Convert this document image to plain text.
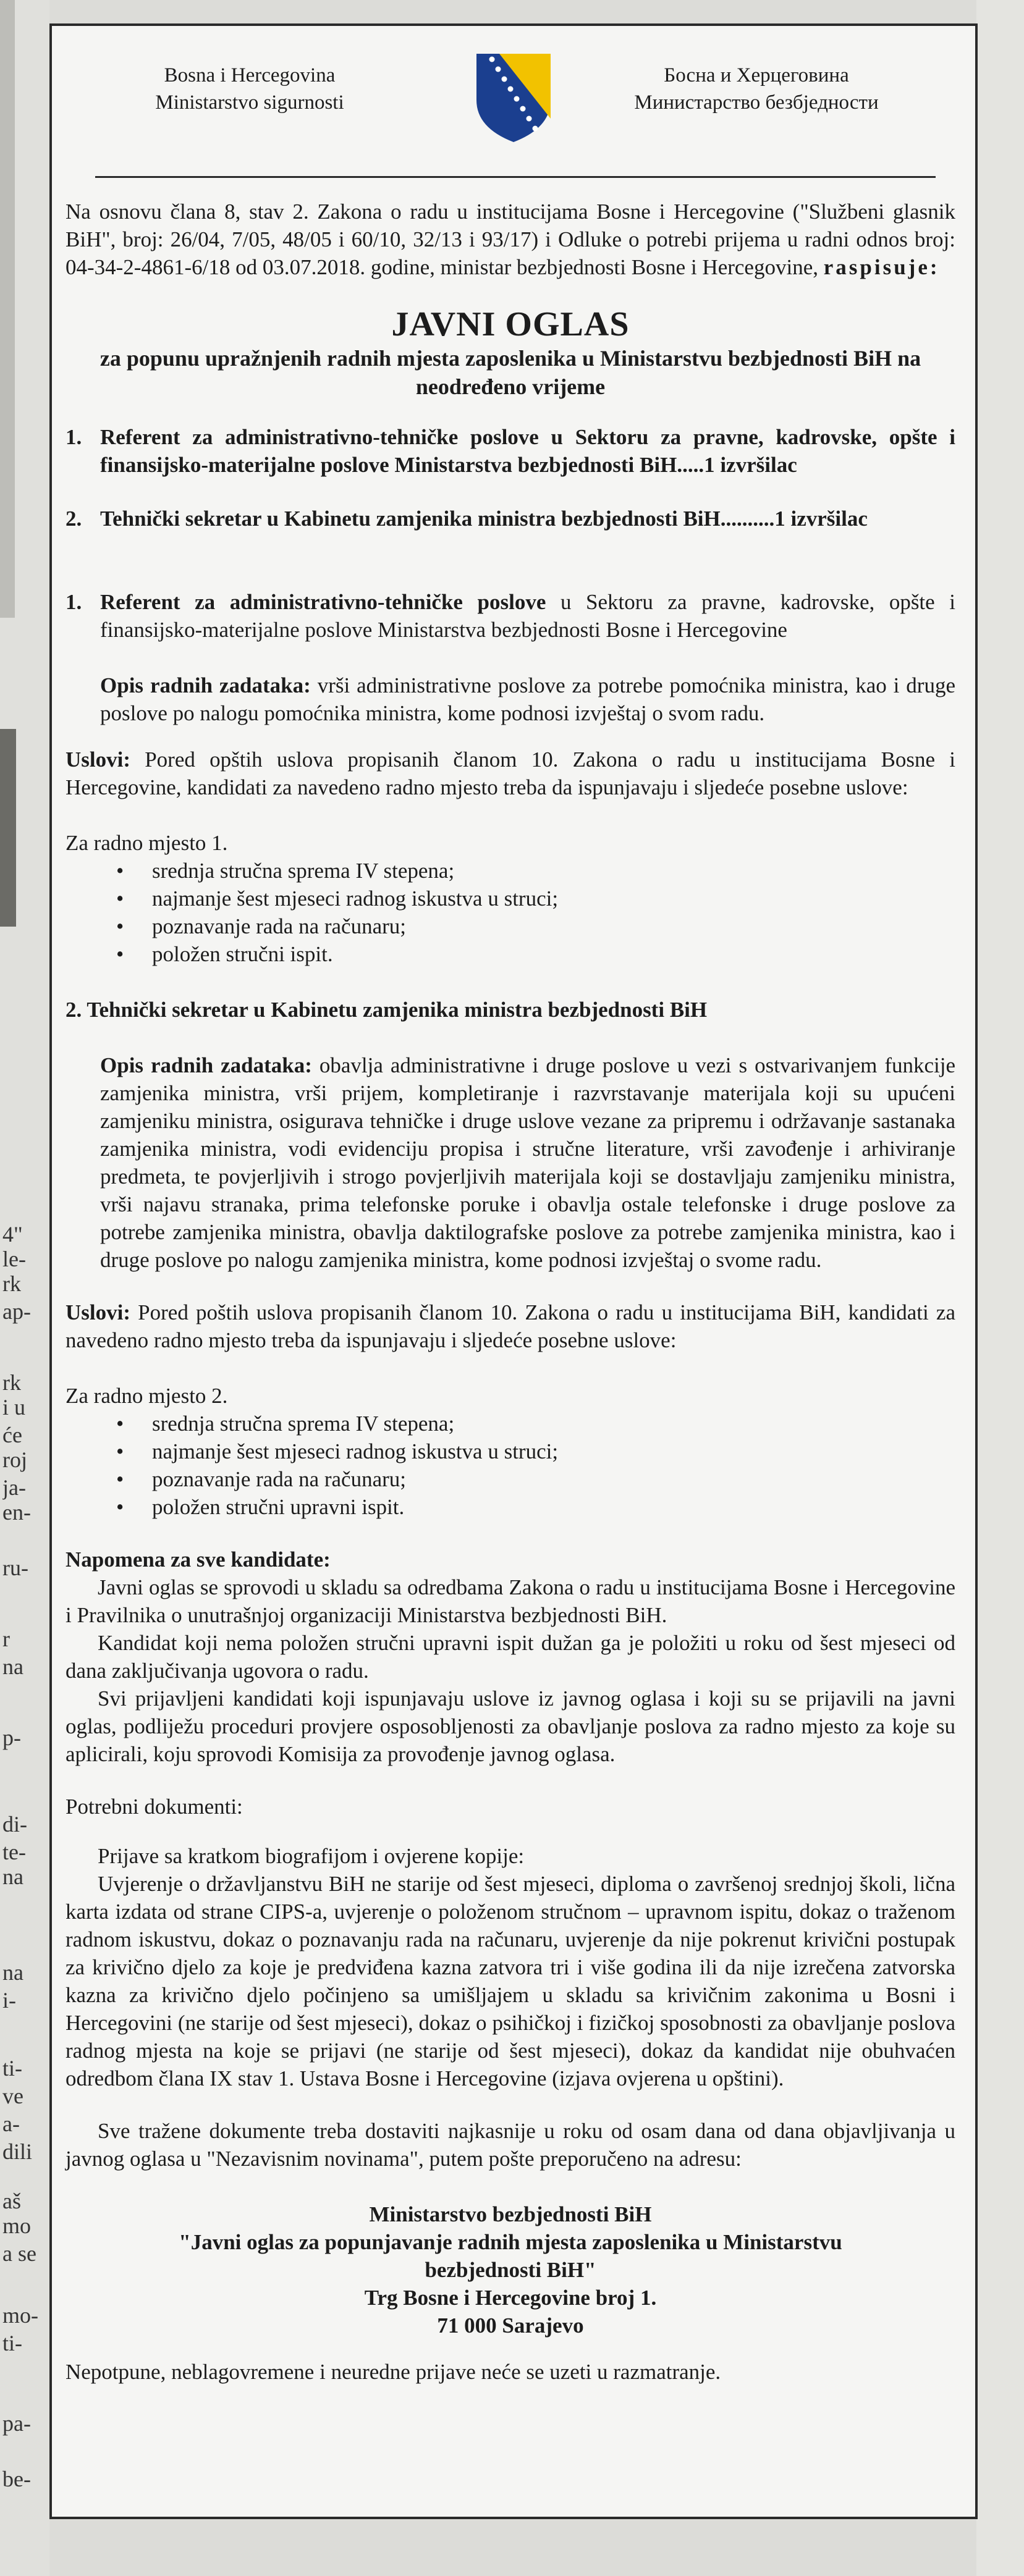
4"
le-
rk
ap-
rk
i u
će
roj
ja-
en-
ru-
r
na
p-
di-
te-
na
na
i-
ti-
ve
a-
dili
aš
mo
a se
mo-
ti-
pa-
be-
Bosna i Hercegovina
Ministarstvo sigurnosti
Босна и Херцеговина
Министарство безбједности

Na osnovu člana 8, stav 2. Zakona o radu u institucijama Bosne i Hercegovine ("Službeni glasnik BiH", broj: 26/04, 7/05, 48/05 i 60/10, 32/13 i 93/17) i Odluke o potrebi prijema u radni odnos broj: 04-34-2-4861-6/18 od 03.07.2018. godine, ministar bezbjednosti Bosne i Hercegovine, raspisuje:

JAVNI OGLAS
za popunu upražnjenih radnih mjesta zaposlenika u Ministarstvu bezbjednosti BiH na neodređeno vrijeme
1. Referent za administrativno-tehničke poslove u Sektoru za pravne, kadrovske, opšte i finansijsko-materijalne poslove Ministarstva bezbjednosti BiH.....1 izvršilac
2. Tehnički sekretar u Kabinetu zamjenika ministra bezbjednosti BiH..........1 izvršilac
1. Referent za administrativno-tehničke poslove u Sektoru za pravne, kadrovske, opšte i finansijsko-materijalne poslove Ministarstva bezbjednosti Bosne i Hercegovine

Opis radnih zadataka: vrši administrativne poslove za potrebe pomoćnika ministra, kao i druge poslove po nalogu pomoćnika ministra, kome podnosi izvještaj o svom radu.

Uslovi: Pored opštih uslova propisanih članom 10. Zakona o radu u institucijama Bosne i Hercegovine, kandidati za navedeno radno mjesto treba da ispunjavaju i sljedeće posebne uslove:

Za radno mjesto 1.
• srednja stručna sprema IV stepena;
• najmanje šest mjeseci radnog iskustva u struci;
• poznavanje rada na računaru;
• položen stručni ispit.
2. Tehnički sekretar u Kabinetu zamjenika ministra bezbjednosti BiH

Opis radnih zadataka: obavlja administrativne i druge poslove u vezi s ostvarivanjem funkcije zamjenika ministra, vrši prijem, kompletiranje i razvrstavanje materijala koji su upućeni zamjeniku ministra, osigurava tehničke i druge uslove vezane za pripremu i održavanje sastanaka zamjenika ministra, vodi evidenciju propisa i stručne literature, vrši zavođenje i arhiviranje predmeta, te povjerljivih i strogo povjerljivih materijala koji se dostavljaju zamjeniku ministra, vrši najavu stranaka, prima telefonske poruke i obavlja ostale telefonske i druge poslove za potrebe zamjenika ministra, obavlja daktilografske poslove za potrebe zamjenika ministra, kao i druge poslove po nalogu zamjenika ministra, kome podnosi izvještaj o svome radu.

Uslovi: Pored poštih uslova propisanih članom 10. Zakona o radu u institucijama BiH, kandidati za navedeno radno mjesto treba da ispunjavaju i sljedeće posebne uslove:

Za radno mjesto 2.
• srednja stručna sprema IV stepena;
• najmanje šest mjeseci radnog iskustva u struci;
• poznavanje rada na računaru;
• položen stručni upravni ispit.
Napomena za sve kandidate:

Javni oglas se sprovodi u skladu sa odredbama Zakona o radu u institucijama Bosne i Hercegovine i Pravilnika o unutrašnjoj organizaciji Ministarstva bezbjednosti BiH.

Kandidat koji nema položen stručni upravni ispit dužan ga je položiti u roku od šest mjeseci od dana zaključivanja ugovora o radu.

Svi prijavljeni kandidati koji ispunjavaju uslove iz javnog oglasa i koji su se prijavili na javni oglas, podliježu proceduri provjere osposobljenosti za obavljanje poslova za radno mjesto za koje su aplicirali, koju sprovodi Komisija za provođenje javnog oglasa.

Potrebni dokumenti:

Prijave sa kratkom biografijom i ovjerene kopije:

Uvjerenje o državljanstvu BiH ne starije od šest mjeseci, diploma o završenoj srednjoj školi, lična karta izdata od strane CIPS-a, uvjerenje o položenom stručnom – upravnom ispitu, dokaz o traženom radnom iskustvu, dokaz o poznavanju rada na računaru, uvjerenje da nije pokrenut krivični postupak za krivično djelo za koje je predviđena kazna zatvora tri i više godina ili da nije izrečena zatvorska kazna za krivično djelo počinjeno sa umišljajem u skladu sa krivičnim zakonima u Bosni i Hercegovini (ne starije od šest mjeseci), dokaz o psihičkoj i fizičkoj sposobnosti za obavljanje poslova radnog mjesta na koje se prijavi (ne starije od šest mjeseci), dokaz da kandidat nije obuhvaćen odredbom člana IX stav 1. Ustava Bosne i Hercegovine (izjava ovjerena u opštini).

Sve tražene dokumente treba dostaviti najkasnije u roku od osam dana od dana objavljivanja u javnog oglasa u "Nezavisnim novinama", putem pošte preporučeno na adresu:

Ministarstvo bezbjednosti BiH
"Javni oglas za popunjavanje radnih mjesta zaposlenika u Ministarstvu
bezbjednosti BiH"
Trg Bosne i Hercegovine broj 1.
71 000 Sarajevo
Nepotpune, neblagovremene i neuredne prijave neće se uzeti u razmatranje.
